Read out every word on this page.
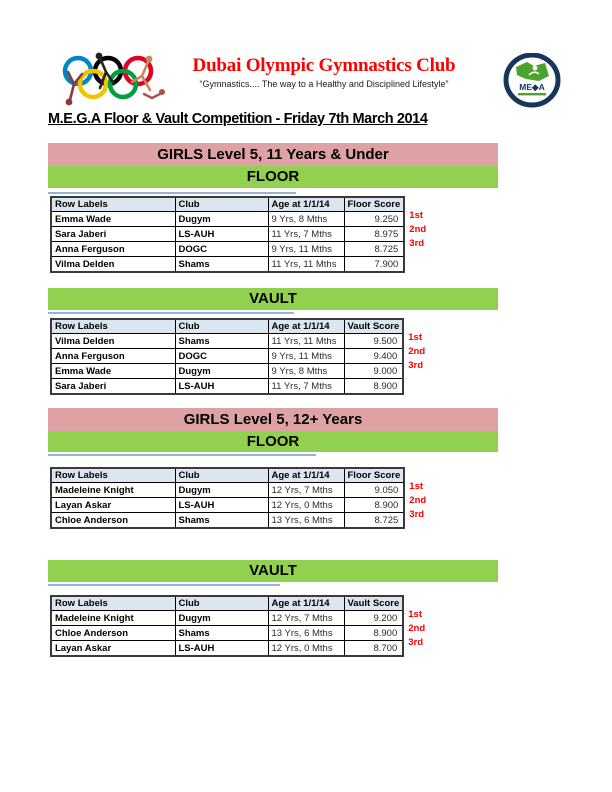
Dubai Olympic Gymnastics Club
“Gymnastics.... The way to a Healthy and Disciplined Lifestyle”	ME◆A
M.E.G.A Floor & Vault Competition - Friday 7th March 2014
GIRLS Level 5, 11 Years & Under
FLOOR
Row Labels	Club	Age at 1/1/14	Floor Score
Emma Wade	Dugym	9 Yrs, 8 Mths	9.250
Sara Jaberi	LS-AUH	11 Yrs, 7 Mths	8.975
Anna Ferguson	DOGC	9 Yrs, 11 Mths	8.725
Vilma Delden	Shams	11 Yrs, 11 Mths	7.900
1st
2nd
3rd
VAULT
Row Labels	Club	Age at 1/1/14	Vault Score
Vilma Delden	Shams	11 Yrs, 11 Mths	9.500
Anna Ferguson	DOGC	9 Yrs, 11 Mths	9.400
Emma Wade	Dugym	9 Yrs, 8 Mths	9.000
Sara Jaberi	LS-AUH	11 Yrs, 7 Mths	8.900
1st
2nd
3rd
GIRLS Level 5, 12+ Years
FLOOR
Row Labels	Club	Age at 1/1/14	Floor Score
Madeleine Knight	Dugym	12 Yrs, 7 Mths	9.050
Layan Askar	LS-AUH	12 Yrs, 0 Mths	8.900
Chloe Anderson	Shams	13 Yrs, 6 Mths	8.725
1st
2nd
3rd
VAULT
Row Labels	Club	Age at 1/1/14	Vault Score
Madeleine Knight	Dugym	12 Yrs, 7 Mths	9.200
Chloe Anderson	Shams	13 Yrs, 6 Mths	8.900
Layan Askar	LS-AUH	12 Yrs, 0 Mths	8.700
1st
2nd
3rd
